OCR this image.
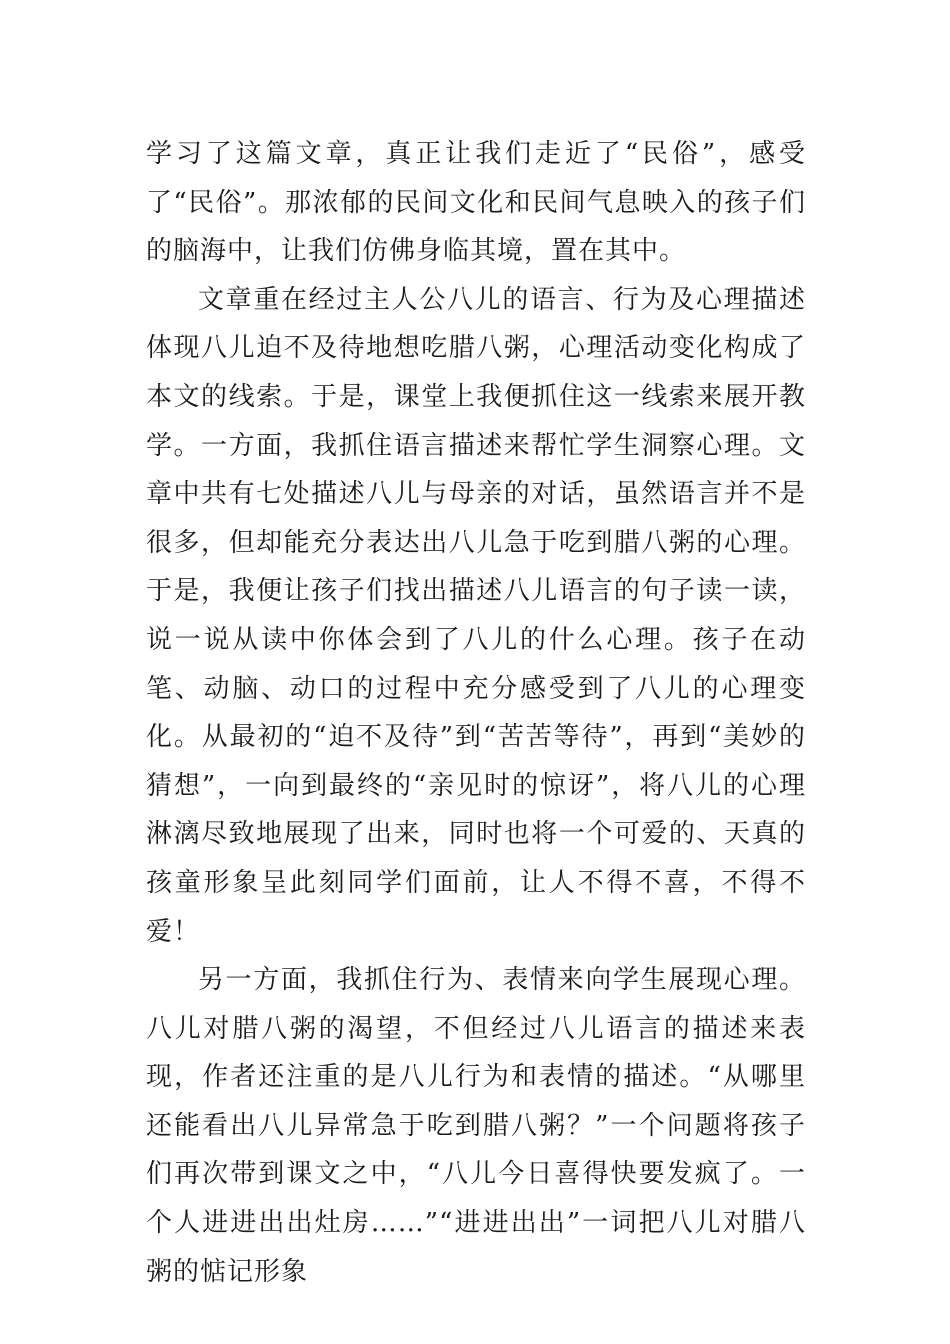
学习了这篇文章，真正让我们走近了“民俗”，感受了“民俗”。那浓郁的民间文化和民间气息映入的孩子们的脑海中，让我们仿佛身临其境，置在其中。

文章重在经过主人公八儿的语言、行为及心理描述体现八儿迫不及待地想吃腊八粥，心理活动变化构成了本文的线索。于是，课堂上我便抓住这一线索来展开教学。一方面，我抓住语言描述来帮忙学生洞察心理。文章中共有七处描述八儿与母亲的对话，虽然语言并不是很多，但却能充分表达出八儿急于吃到腊八粥的心理。于是，我便让孩子们找出描述八儿语言的句子读一读，说一说从读中你体会到了八儿的什么心理。孩子在动笔、动脑、动口的过程中充分感受到了八儿的心理变化。从最初的“迫不及待”到“苦苦等待”，再到“美妙的猜想”，一向到最终的“亲见时的惊讶”，将八儿的心理淋漓尽致地展现了出来，同时也将一个可爱的、天真的孩童形象呈此刻同学们面前，让人不得不喜，不得不爱！

另一方面，我抓住行为、表情来向学生展现心理。八儿对腊八粥的渴望，不但经过八儿语言的描述来表现，作者还注重的是八儿行为和表情的描述。“从哪里还能看出八儿异常急于吃到腊八粥？”一个问题将孩子们再次带到课文之中，“八儿今日喜得快要发疯了。一个人进进出出灶房……”“进进出出”一词把八儿对腊八粥的惦记形象
